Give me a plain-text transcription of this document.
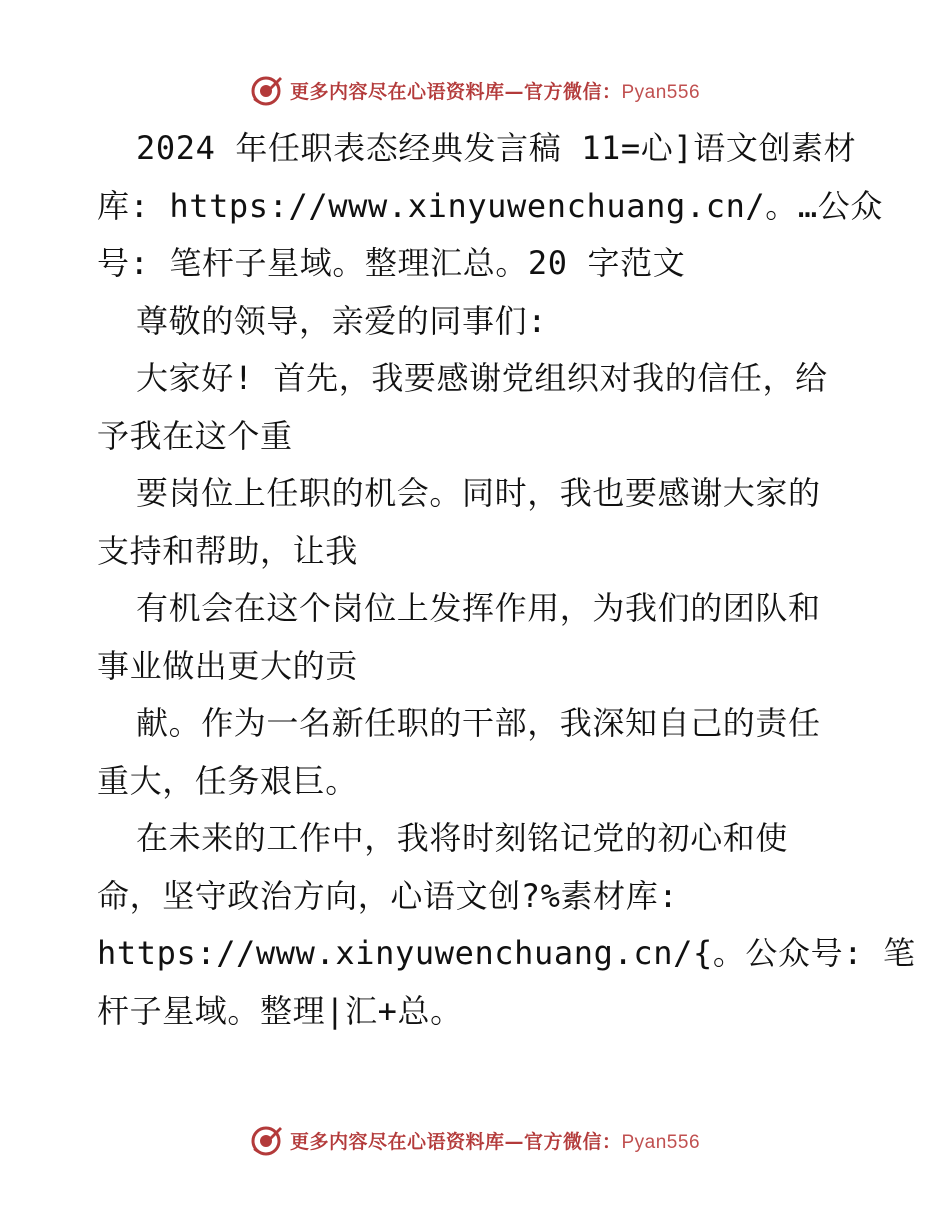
更多内容尽在心语资料库—官方微信：Pyan556
2024 年任职表态经典发言稿 11=心]语文创素材
库: https://www.xinyuwenchuang.cn/。…公众
号: 笔杆子星域。整理汇总。20 字范文
尊敬的领导，亲爱的同事们:
大家好! 首先，我要感谢党组织对我的信任，给
予我在这个重
要岗位上任职的机会。同时，我也要感谢大家的
支持和帮助，让我
有机会在这个岗位上发挥作用，为我们的团队和
事业做出更大的贡
献。作为一名新任职的干部，我深知自己的责任
重大，任务艰巨。
在未来的工作中，我将时刻铭记党的初心和使
命，坚守政治方向，心语文创?%素材库:
https://www.xinyuwenchuang.cn/{。公众号: 笔
杆子星域。整理|汇+总。
更多内容尽在心语资料库—官方微信：Pyan556
